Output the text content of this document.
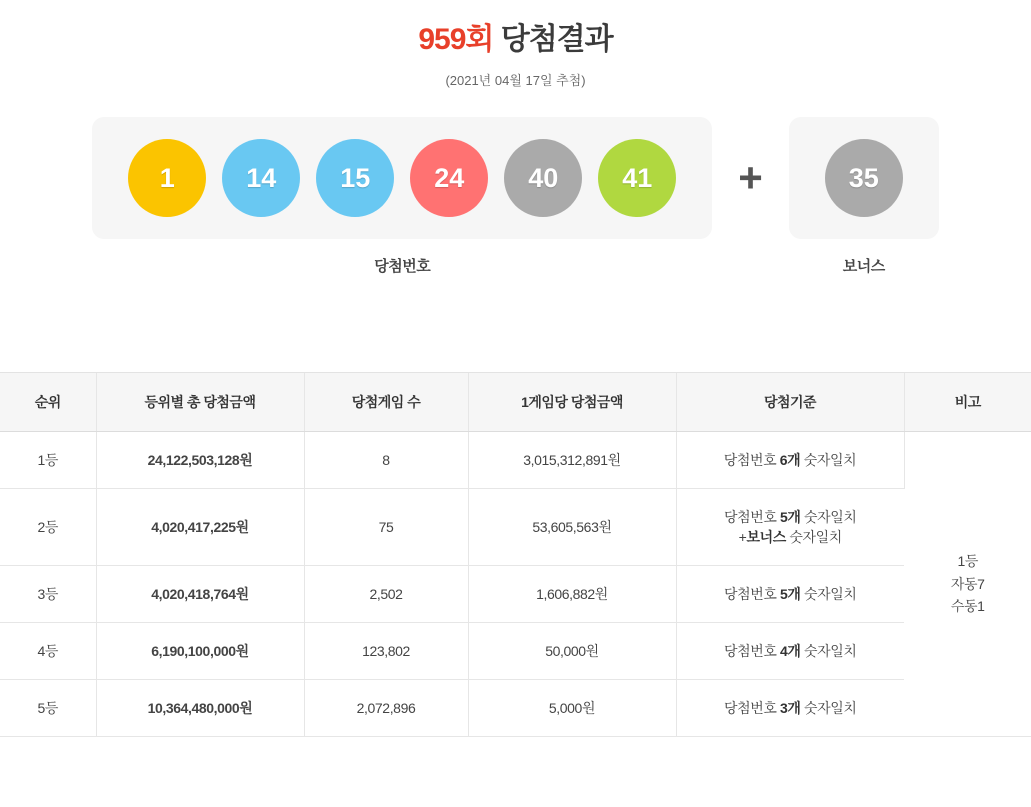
959회 당첨결과
(2021년 04월 17일 추첨)
1	14	15	24	40	41
당첨번호
+	35
보너스
순위	등위별 총 당첨금액	당첨게임 수	1게임당 당첨금액	당첨기준	비고
1등	24,122,503,128원	8	3,015,312,891원	당첨번호 6개 숫자일치	1등
자동7
수동1

2등	4,020,417,225원	75	53,605,563원	당첨번호 5개 숫자일치
+보너스 숫자일치	
3등	4,020,418,764원	2,502	1,606,882원	당첨번호 5개 숫자일치	
4등	6,190,100,000원	123,802	50,000원	당첨번호 4개 숫자일치	
5등	10,364,480,000원	2,072,896	5,000원	당첨번호 3개 숫자일치	
